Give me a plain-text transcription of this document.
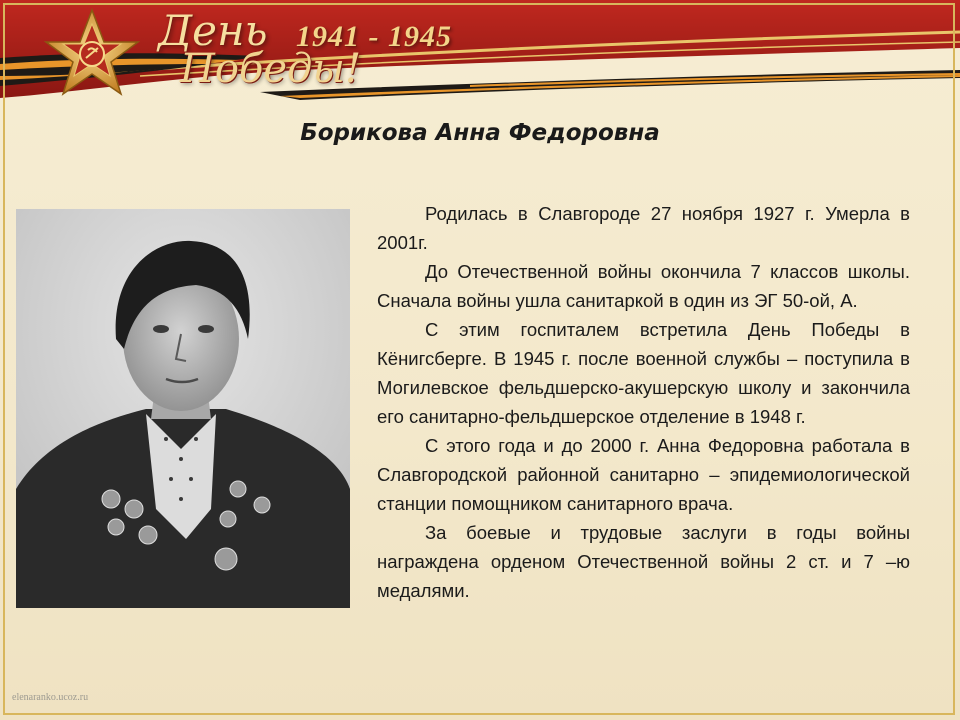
День
Победы!
1941 - 1945
Борикова Анна Федоровна

Родилась в Славгороде 27 ноября 1927 г. Умерла в 2001г.

До Отечественной войны окончила 7 классов школы. Сначала войны ушла санитаркой в один из ЭГ 50-ой, А.

С этим госпиталем встретила День Победы в Кёнигсберге. В 1945 г. после военной службы – поступила в Могилевское фельдшерско-акушерскую школу и закончила его санитарно-фельдшерское отделение в 1948 г.

С этого года и до 2000 г. Анна Федоровна работала в Славгородской районной санитарно – эпидемиологической станции помощником санитарного врача.

За боевые и трудовые заслуги в годы войны награждена орденом Отечественной войны 2 ст. и 7 –ю медалями.

elenaranko.ucoz.ru
